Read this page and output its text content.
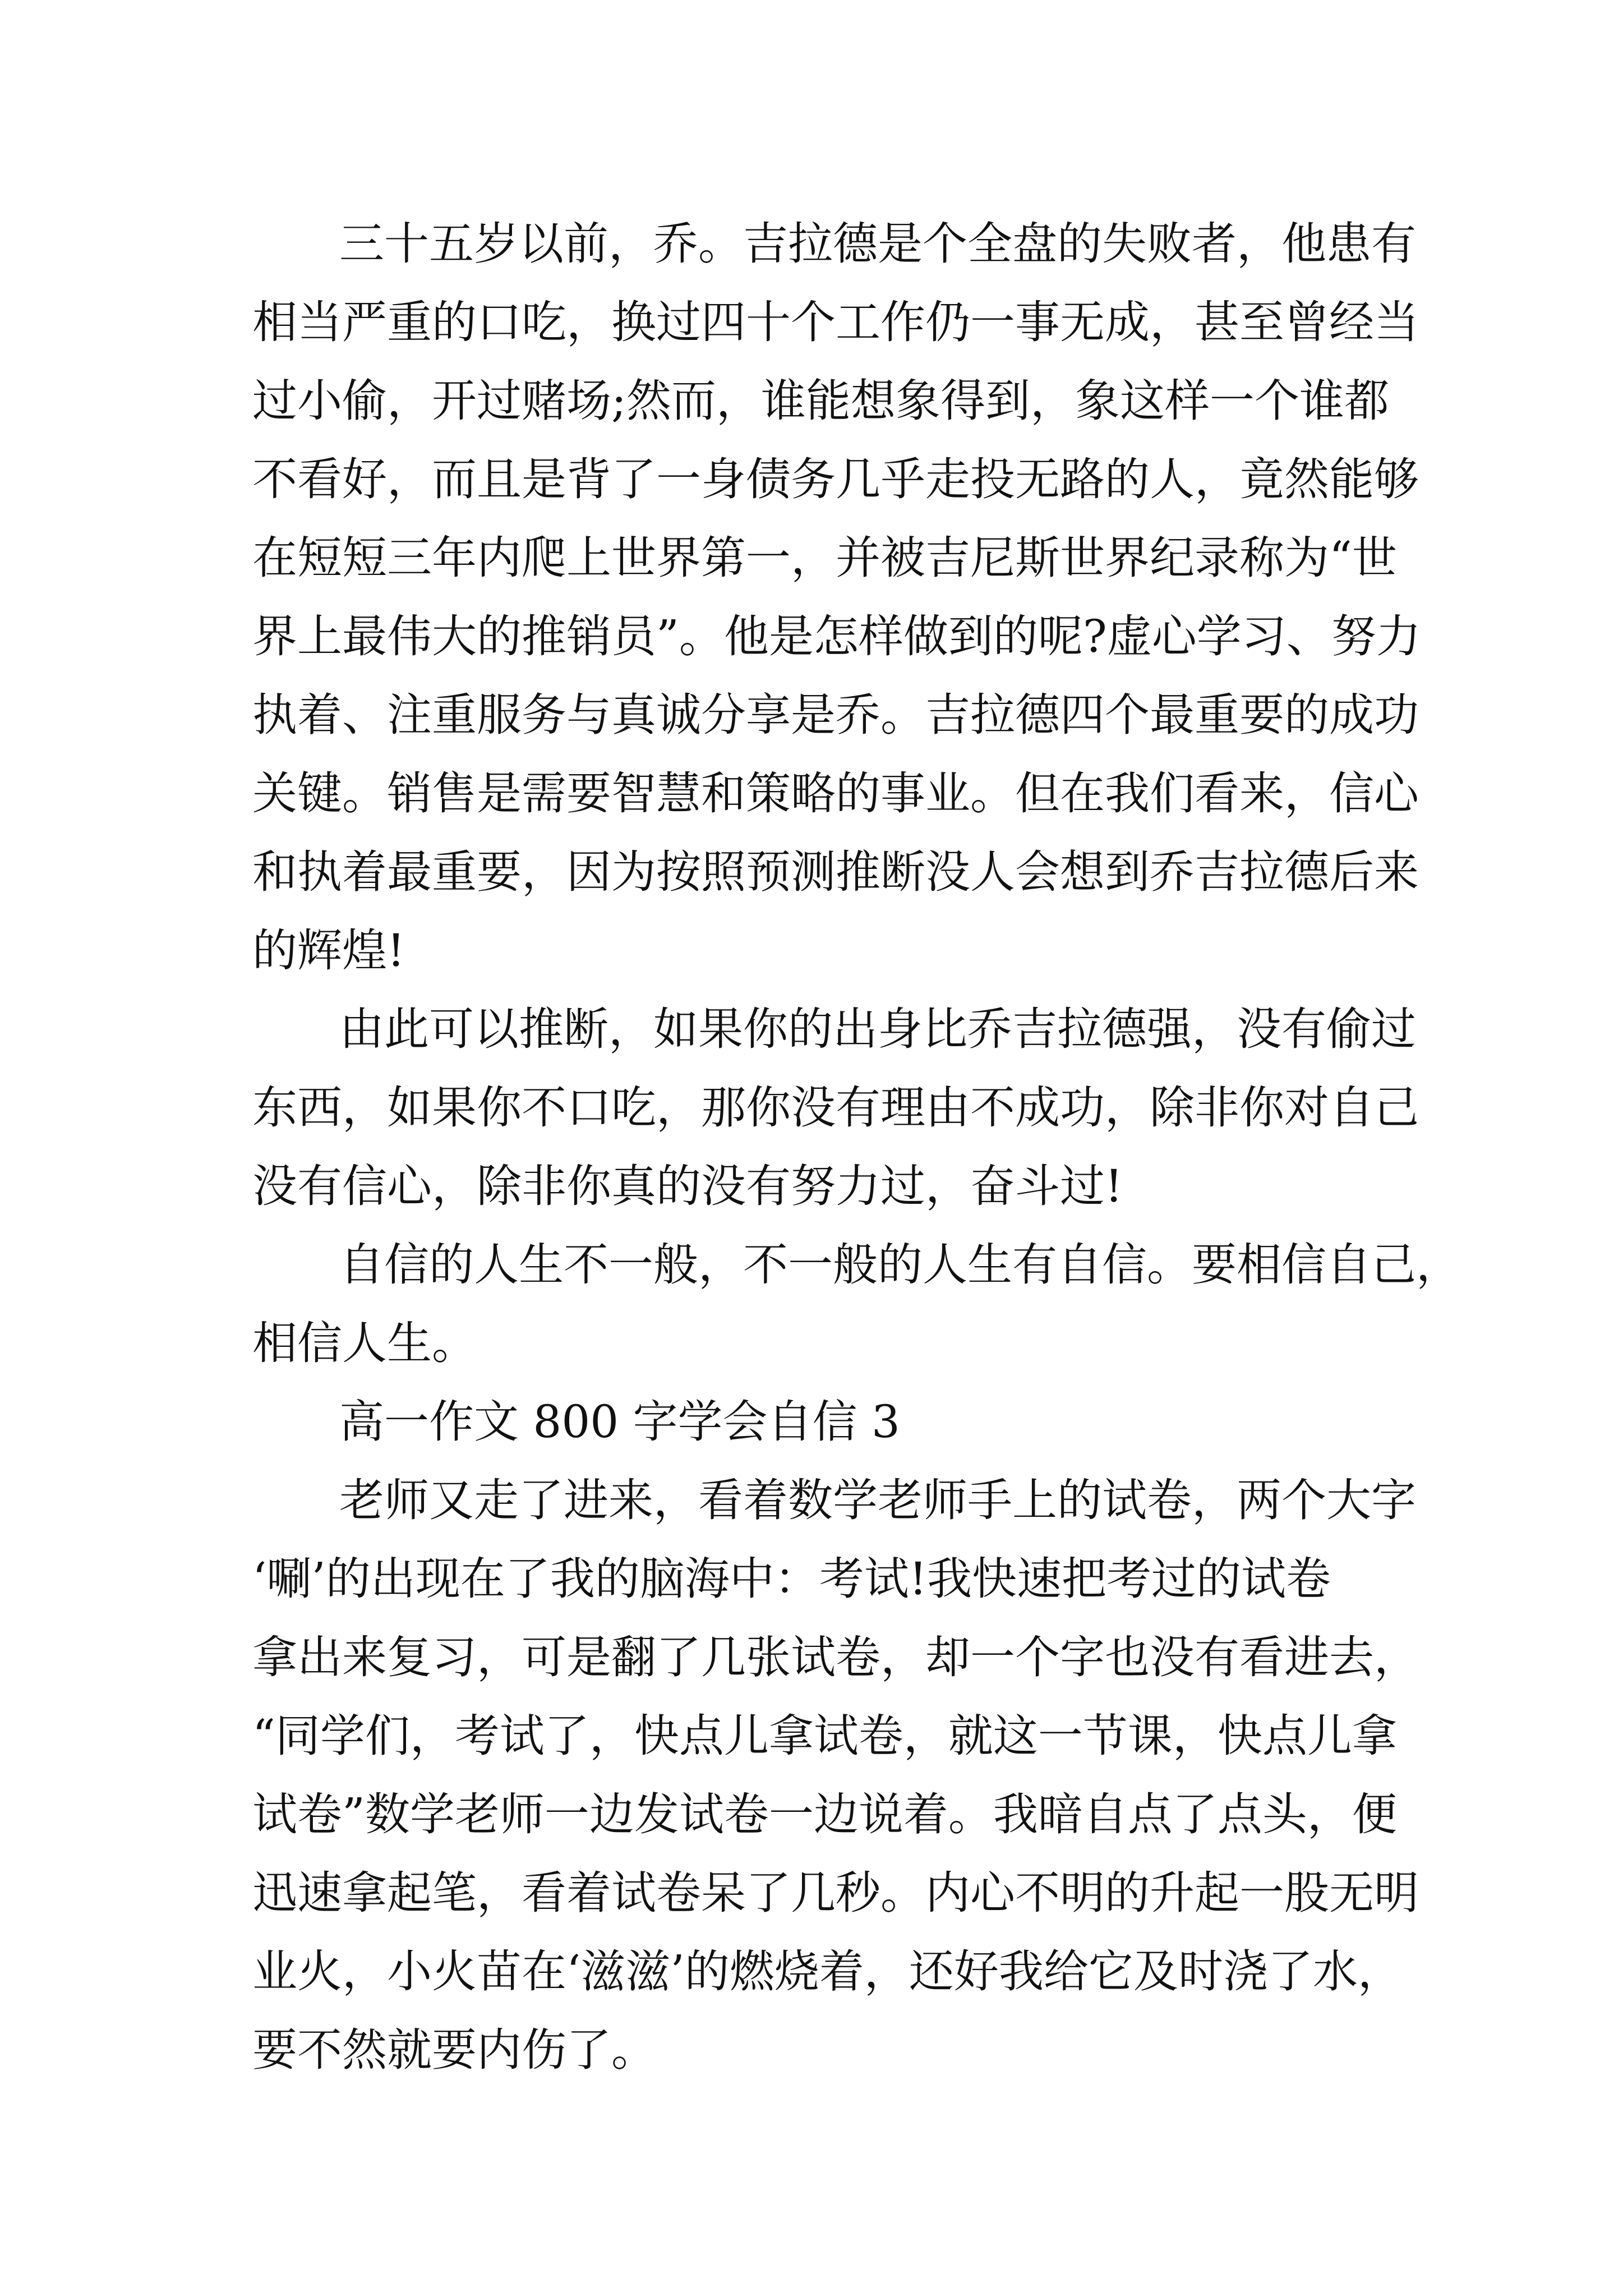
三十五岁以前，乔。吉拉德是个全盘的失败者，他患有

相当严重的口吃，换过四十个工作仍一事无成，甚至曾经当

过小偷，开过赌场;然而，谁能想象得到，象这样一个谁都

不看好，而且是背了一身债务几乎走投无路的人，竟然能够

在短短三年内爬上世界第一，并被吉尼斯世界纪录称为“世

界上最伟大的推销员”。他是怎样做到的呢?虚心学习、努力

执着、注重服务与真诚分享是乔。吉拉德四个最重要的成功

关键。销售是需要智慧和策略的事业。但在我们看来，信心

和执着最重要，因为按照预测推断没人会想到乔吉拉德后来

的辉煌!

由此可以推断，如果你的出身比乔吉拉德强，没有偷过

东西，如果你不口吃，那你没有理由不成功，除非你对自己

没有信心，除非你真的没有努力过，奋斗过!

自信的人生不一般，不一般的人生有自信。要相信自己，

相信人生。

高一作文 800 字学会自信 3

老师又走了进来，看着数学老师手上的试卷，两个大字

‘唰’的出现在了我的脑海中：考试!我快速把考过的试卷

拿出来复习，可是翻了几张试卷，却一个字也没有看进去，

“同学们，考试了，快点儿拿试卷，就这一节课，快点儿拿

试卷”数学老师一边发试卷一边说着。我暗自点了点头，便

迅速拿起笔，看着试卷呆了几秒。内心不明的升起一股无明

业火，小火苗在‘滋滋’的燃烧着，还好我给它及时浇了水，

要不然就要内伤了。
